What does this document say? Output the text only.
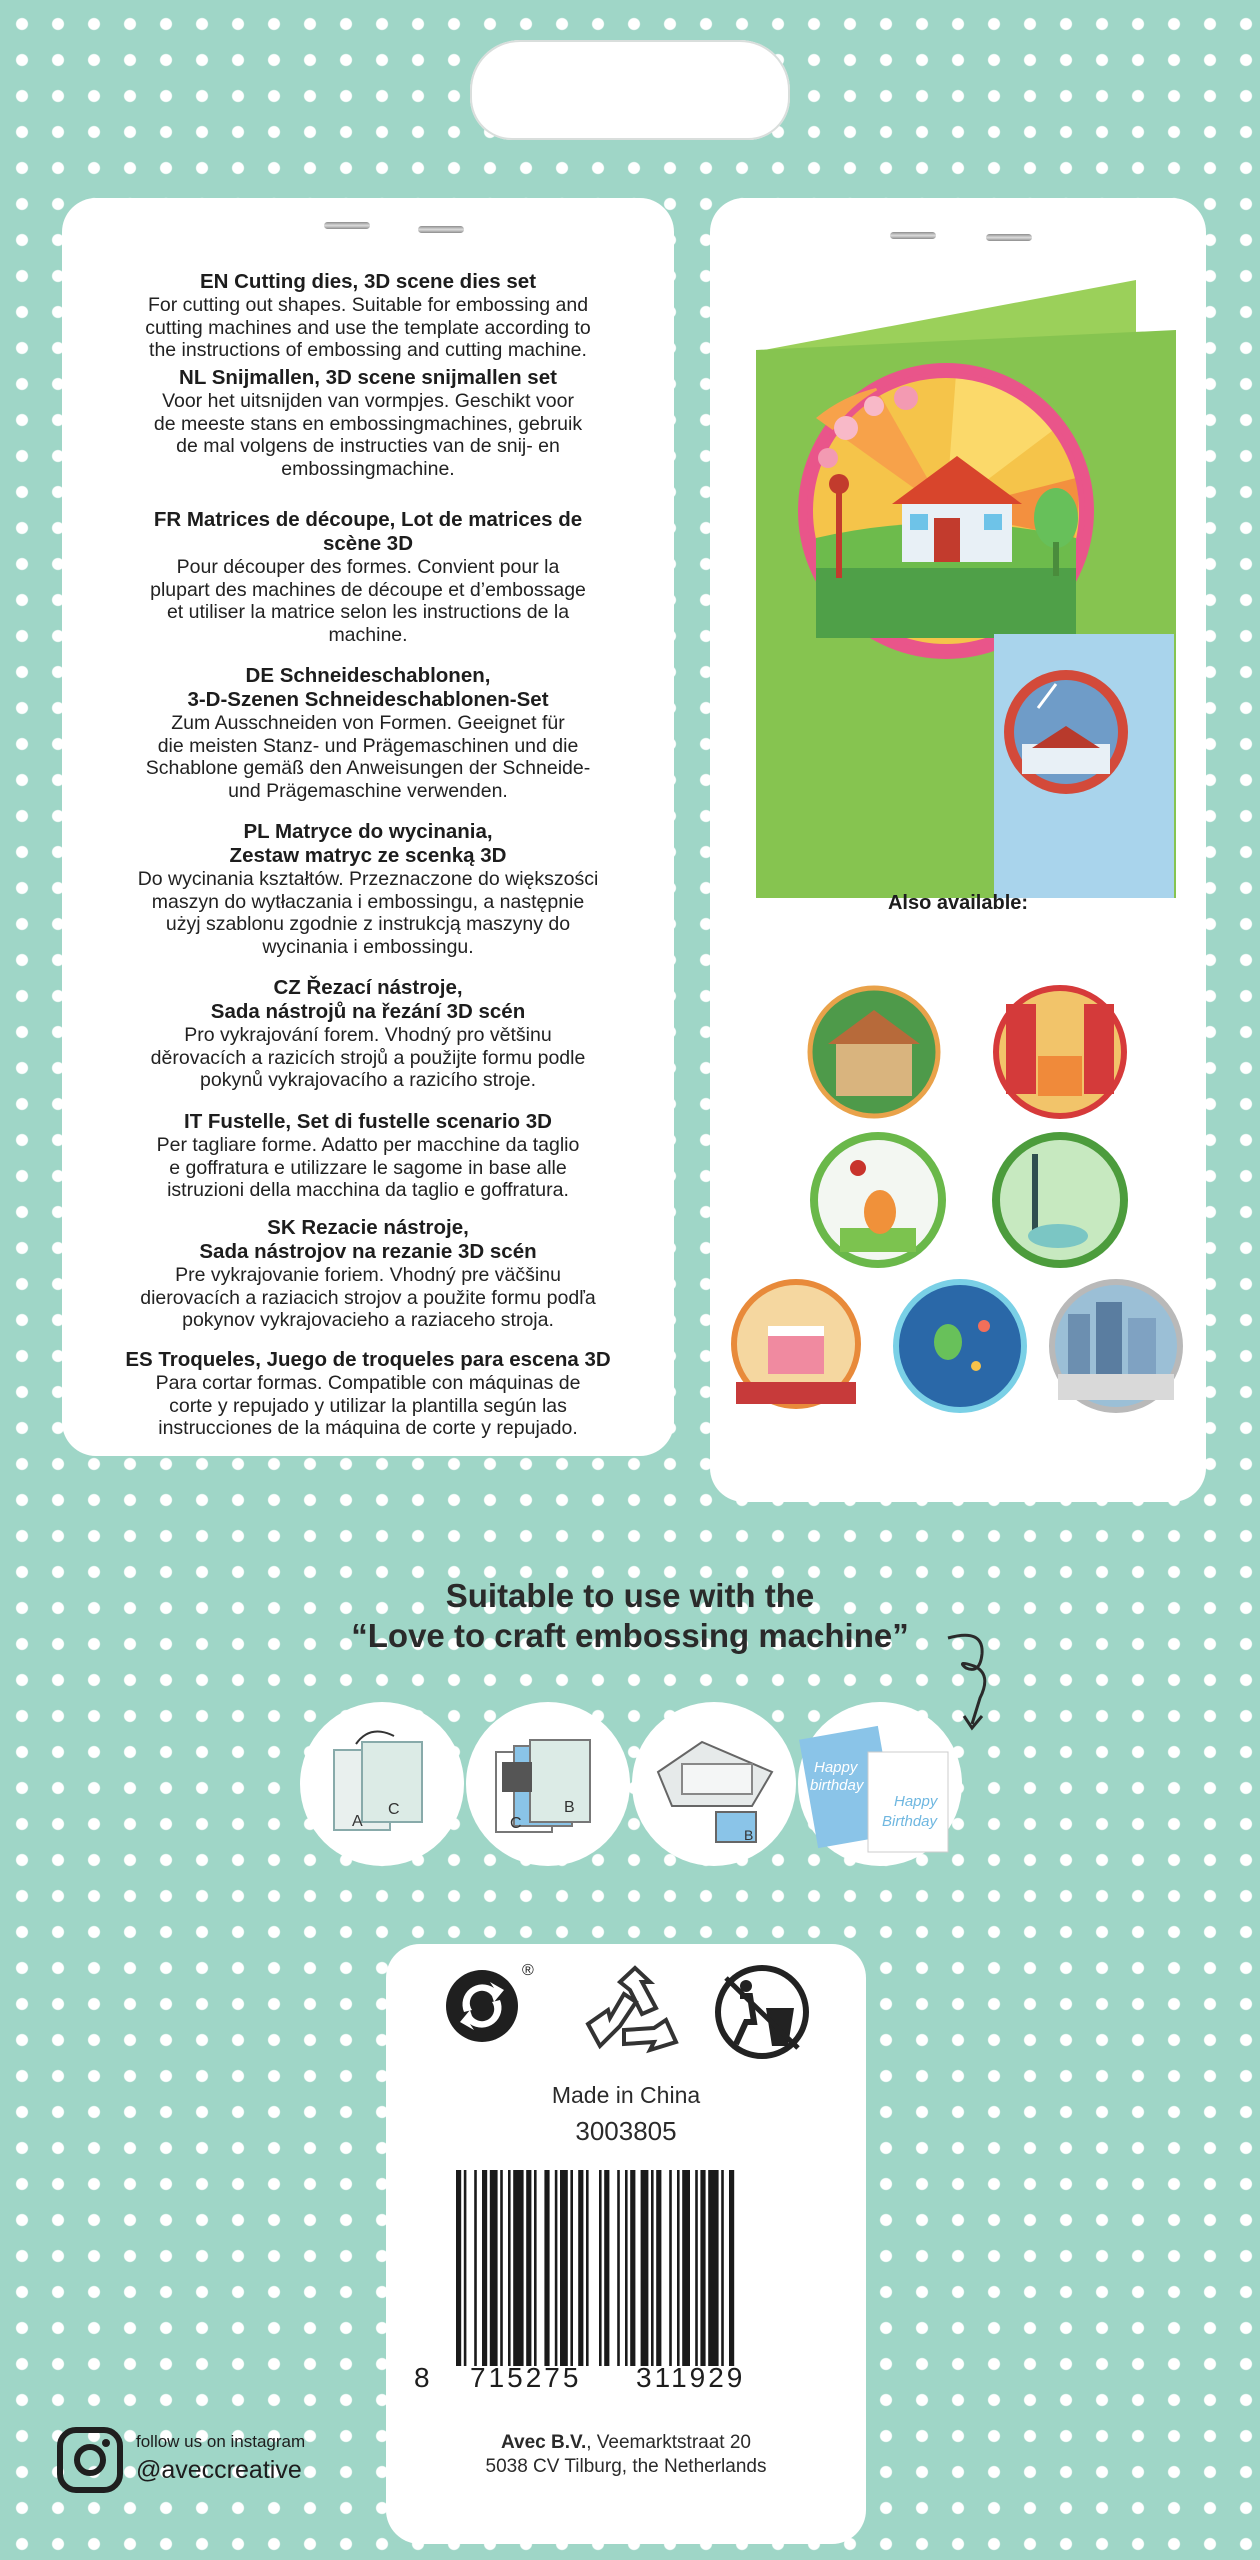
EN Cutting dies, 3D scene dies set

For cutting out shapes. Suitable for embossing and

cutting machines and use the template according to

the instructions of embossing and cutting machine.

NL Snijmallen, 3D scene snijmallen set

Voor het uitsnijden van vormpjes. Geschikt voor

de meeste stans en embossingmachines, gebruik

de mal volgens de instructies van de snij- en

embossingmachine.

FR Matrices de découpe, Lot de matrices de
scène 3D

Pour découper des formes. Convient pour la

plupart des machines de découpe et d’embossage

et utiliser la matrice selon les instructions de la

machine.

DE Schneideschablonen,
3-D-Szenen Schneideschablonen-Set

Zum Ausschneiden von Formen. Geeignet für

die meisten Stanz- und Prägemaschinen und die

Schablone gemäß den Anweisungen der Schneide-

und Prägemaschine verwenden.

PL Matryce do wycinania,
Zestaw matryc ze scenką 3D

Do wycinania kształtów. Przeznaczone do większości

maszyn do wytłaczania i embossingu, a następnie

użyj szablonu zgodnie z instrukcją maszyny do

wycinania i embossingu.

CZ Řezací nástroje,
Sada nástrojů na řezání 3D scén

Pro vykrajování forem. Vhodný pro většinu

děrovacích a razicích strojů a použijte formu podle

pokynů vykrajovacího a razicího stroje.

IT Fustelle, Set di fustelle scenario 3D

Per tagliare forme. Adatto per macchine da taglio

e goffratura e utilizzare le sagome in base alle

istruzioni della macchina da taglio e goffratura.

SK Rezacie nástroje,
Sada nástrojov na rezanie 3D scén

Pre vykrajovanie foriem. Vhodný pre väčšinu

dierovacích a raziacich strojov a použite formu podľa

pokynov vykrajovacieho a raziaceho stroja.

ES Troqueles, Juego de troqueles para escena 3D

Para cortar formas. Compatible con máquinas de

corte y repujado y utilizar la plantilla según las

instrucciones de la máquina de corte y repujado.

Also available:
Suitable to use with the
“Love to craft embossing machine”
A
C
C
B
B
Happy
birthday
Happy
Birthday
®
Made in China
3003805
8 715275 311929
Avec B.V., Veemarktstraat 20
5038 CV Tilburg, the Netherlands
follow us on instagram
@aveccreative
